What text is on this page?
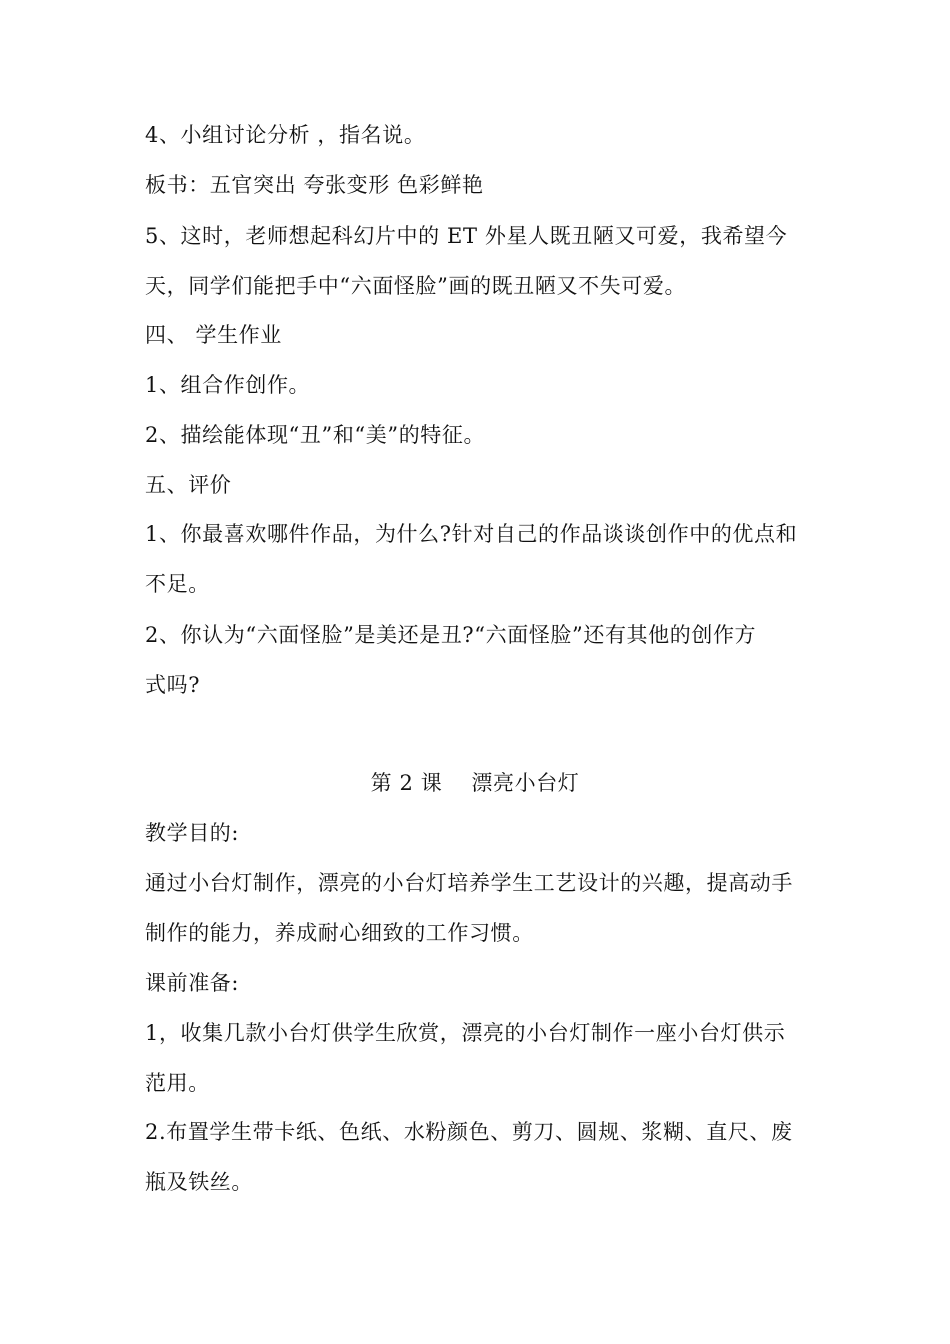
4、小组讨论分析 ，指名说。
板书：五官突出 夸张变形 色彩鲜艳
5、这时，老师想起科幻片中的 ET 外星人既丑陋又可爱，我希望今
天，同学们能把手中“六面怪脸”画的既丑陋又不失可爱。
四、 学生作业
1、组合作创作。
2、描绘能体现“丑”和“美”的特征。
五、评价
1、你最喜欢哪件作品，为什么?针对自己的作品谈谈创作中的优点和
不足。
2、你认为“六面怪脸”是美还是丑?“六面怪脸”还有其他的创作方
式吗?
第 2 课    漂亮小台灯
教学目的:
通过小台灯制作，漂亮的小台灯培养学生工艺设计的兴趣，提高动手
制作的能力，养成耐心细致的工作习惯。
课前准备:
1，收集几款小台灯供学生欣赏，漂亮的小台灯制作一座小台灯供示
范用。
2.布置学生带卡纸、色纸、水粉颜色、剪刀、圆规、浆糊、直尺、废
瓶及铁丝。
